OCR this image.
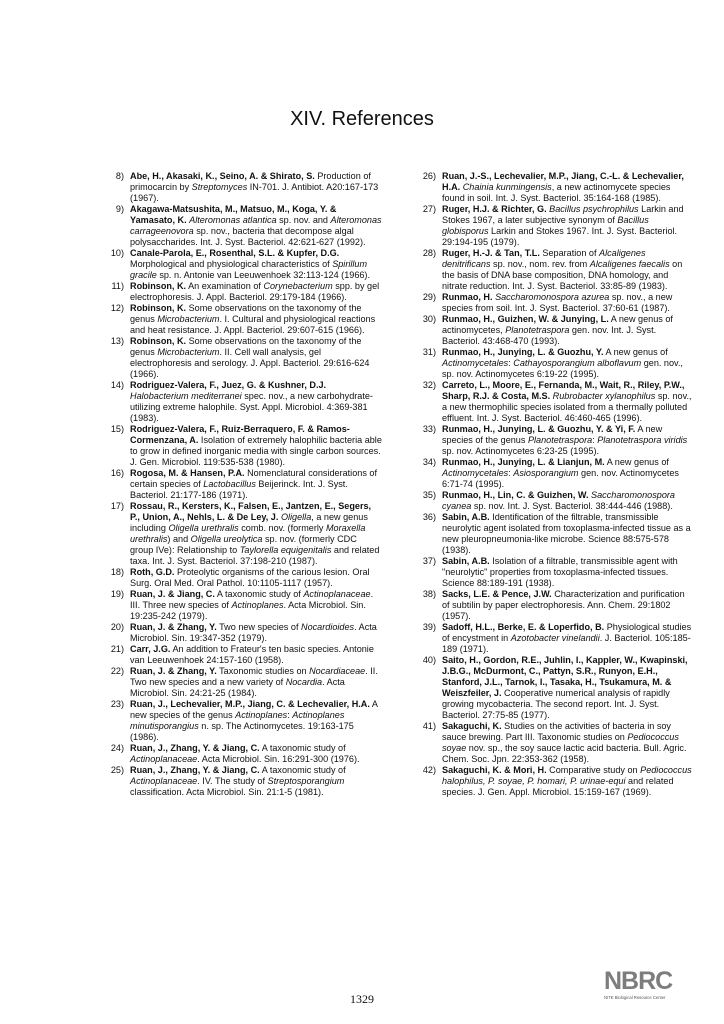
XIV. References
8) Abe, H., Akasaki, K., Seino, A. & Shirato, S. Production of primocarcin by Streptomyces IN-701. J. Antibiot. A20:167-173 (1967).
9) Akagawa-Matsushita, M., Matsuo, M., Koga, Y. & Yamasato, K. Alteromonas atlantica sp. nov. and Alteromonas carrageenovora sp. nov., bacteria that decompose algal polysaccharides. Int. J. Syst. Bacteriol. 42:621-627 (1992).
10) Canale-Parola, E., Rosenthal, S.L. & Kupfer, D.G. Morphological and physiological characteristics of Spirillum gracile sp. n. Antonie van Leeuwenhoek 32:113-124 (1966).
11) Robinson, K. An examination of Corynebacterium spp. by gel electrophoresis. J. Appl. Bacteriol. 29:179-184 (1966).
12) Robinson, K. Some observations on the taxonomy of the genus Microbacterium. I. Cultural and physiological reactions and heat resistance. J. Appl. Bacteriol. 29:607-615 (1966).
13) Robinson, K. Some observations on the taxonomy of the genus Microbacterium. II. Cell wall analysis, gel electrophoresis and serology. J. Appl. Bacteriol. 29:616-624 (1966).
14) Rodriguez-Valera, F., Juez, G. & Kushner, D.J. Halobacterium mediterranei spec. nov., a new carbohydrate-utilizing extreme halophile. Syst. Appl. Microbiol. 4:369-381 (1983).
15) Rodriguez-Valera, F., Ruiz-Berraquero, F. & Ramos-Cormenzana, A. Isolation of extremely halophilic bacteria able to grow in defined inorganic media with single carbon sources. J. Gen. Microbiol. 119:535-538 (1980).
16) Rogosa, M. & Hansen, P.A. Nomenclatural considerations of certain species of Lactobacillus Beijerinck. Int. J. Syst. Bacteriol. 21:177-186 (1971).
17) Rossau, R., Kersters, K., Falsen, E., Jantzen, E., Segers, P., Union, A., Nehls, L. & De Ley, J. Oligella, a new genus including Oligella urethralis comb. nov. (formerly Moraxella urethralis) and Oligella ureolytica sp. nov. (formerly CDC group IVe): Relationship to Taylorella equigenitalis and related taxa. Int. J. Syst. Bacteriol. 37:198-210 (1987).
18) Roth, G.D. Proteolytic organisms of the carious lesion. Oral Surg. Oral Med. Oral Pathol. 10:1105-1117 (1957).
19) Ruan, J. & Jiang, C. A taxonomic study of Actinoplanaceae. III. Three new species of Actinoplanes. Acta Microbiol. Sin. 19:235-242 (1979).
20) Ruan, J. & Zhang, Y. Two new species of Nocardioides. Acta Microbiol. Sin. 19:347-352 (1979).
21) Carr, J.G. An addition to Frateur's ten basic species. Antonie van Leeuwenhoek 24:157-160 (1958).
22) Ruan, J. & Zhang, Y. Taxonomic studies on Nocardiaceae. II. Two new species and a new variety of Nocardia. Acta Microbiol. Sin. 24:21-25 (1984).
23) Ruan, J., Lechevalier, M.P., Jiang, C. & Lechevalier, H.A. A new species of the genus Actinoplanes: Actinoplanes minutisporangius n. sp. The Actinomycetes. 19:163-175 (1986).
24) Ruan, J., Zhang, Y. & Jiang, C. A taxonomic study of Actinoplanaceae. Acta Microbiol. Sin. 16:291-300 (1976).
25) Ruan, J., Zhang, Y. & Jiang, C. A taxonomic study of Actinoplanaceae. IV. The study of Streptosporangium classification. Acta Microbiol. Sin. 21:1-5 (1981).
26) Ruan, J.-S., Lechevalier, M.P., Jiang, C.-L. & Lechevalier, H.A. Chainia kunmingensis, a new actinomycete species found in soil. Int. J. Syst. Bacteriol. 35:164-168 (1985).
27) Ruger, H.J. & Richter, G. Bacillus psychrophilus Larkin and Stokes 1967, a later subjective synonym of Bacillus globisporus Larkin and Stokes 1967. Int. J. Syst. Bacteriol. 29:194-195 (1979).
28) Ruger, H.-J. & Tan, T.L. Separation of Alcaligenes denitrificans sp. nov., nom. rev. from Alcaligenes faecalis on the basis of DNA base composition, DNA homology, and nitrate reduction. Int. J. Syst. Bacteriol. 33:85-89 (1983).
29) Runmao, H. Saccharomonospora azurea sp. nov., a new species from soil. Int. J. Syst. Bacteriol. 37:60-61 (1987).
30) Runmao, H., Guizhen, W. & Junying, L. A new genus of actinomycetes, Planotetraspora gen. nov. Int. J. Syst. Bacteriol. 43:468-470 (1993).
31) Runmao, H., Junying, L. & Guozhu, Y. A new genus of Actinomycetales: Cathayosporangium alboflavum gen. nov., sp. nov. Actinomycetes 6:19-22 (1995).
32) Carreto, L., Moore, E., Fernanda, M., Wait, R., Riley, P.W., Sharp, R.J. & Costa, M.S. Rubrobacter xylanophilus sp. nov., a new thermophilic species isolated from a thermally polluted effluent. Int. J. Syst. Bacteriol. 46:460-465 (1996).
33) Runmao, H., Junying, L. & Guozhu, Y. & Yi, F. A new species of the genus Planotetraspora: Planotetraspora viridis sp. nov. Actinomycetes 6:23-25 (1995).
34) Runmao, H., Junying, L. & Lianjun, M. A new genus of Actinomycetales: Asiosporangium gen. nov. Actinomycetes 6:71-74 (1995).
35) Runmao, H., Lin, C. & Guizhen, W. Saccharomonospora cyanea sp. nov. Int. J. Syst. Bacteriol. 38:444-446 (1988).
36) Sabin, A.B. Identification of the filtrable, transmissible neurolytic agent isolated from toxoplasma-infected tissue as a new pleuropneumonia-like microbe. Science 88:575-578 (1938).
37) Sabin, A.B. Isolation of a filtrable, transmissible agent with "neurolytic" properties from toxoplasma-infected tissues. Science 88:189-191 (1938).
38) Sacks, L.E. & Pence, J.W. Characterization and purification of subtilin by paper electrophoresis. Ann. Chem. 29:1802 (1957).
39) Sadoff, H.L., Berke, E. & Loperfido, B. Physiological studies of encystment in Azotobacter vinelandii. J. Bacteriol. 105:185-189 (1971).
40) Saito, H., Gordon, R.E., Juhlin, I., Kappler, W., Kwapinski, J.B.G., McDurmont, C., Pattyn, S.R., Runyon, E.H., Stanford, J.L., Tarnok, I., Tasaka, H., Tsukamura, M. & Weiszfeiler, J. Cooperative numerical analysis of rapidly growing mycobacteria. The second report. Int. J. Syst. Bacteriol. 27:75-85 (1977).
41) Sakaguchi, K. Studies on the activities of bacteria in soy sauce brewing. Part III. Taxonomic studies on Pediococcus soyae nov. sp., the soy sauce lactic acid bacteria. Bull. Agric. Chem. Soc. Jpn. 22:353-362 (1958).
42) Sakaguchi, K. & Mori, H. Comparative study on Pediococcus halophilus, P. soyae, P. homari, P. urinae-equi and related species. J. Gen. Appl. Microbiol. 15:159-167 (1969).
1329
NBRC
NITE Biological Resource Center
